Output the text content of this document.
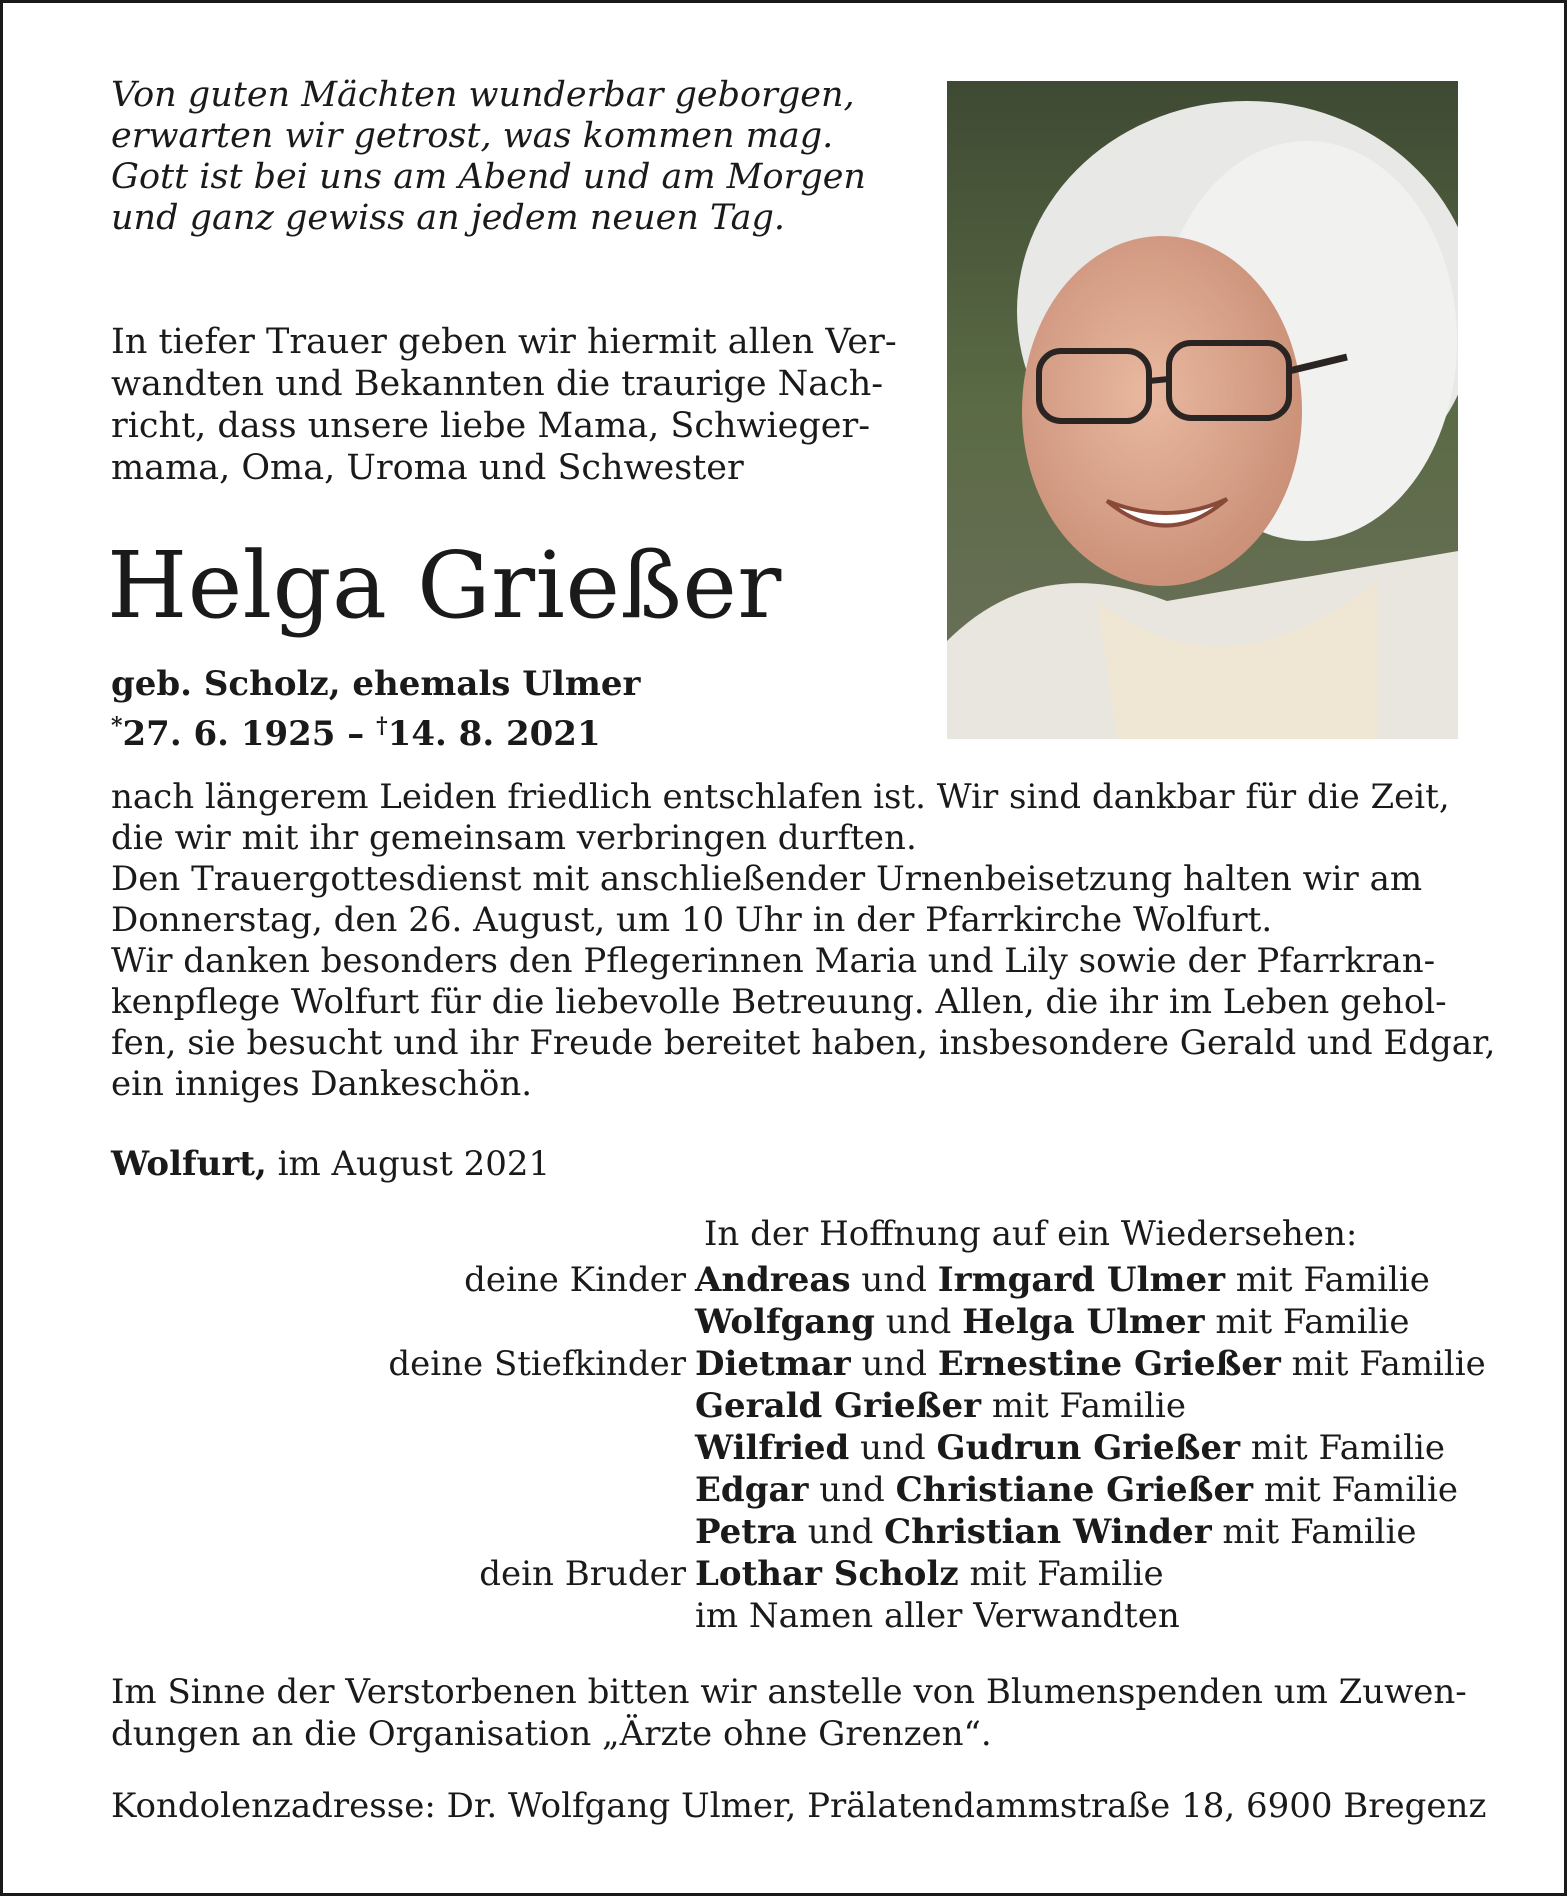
Von guten Mächten wunderbar geborgen,
erwarten wir getrost, was kommen mag.
Gott ist bei uns am Abend und am Morgen
und ganz gewiss an jedem neuen Tag.
In tiefer Trauer geben wir hiermit allen Ver-
wandten und Bekannten die traurige Nach-
richt, dass unsere liebe Mama, Schwieger-
mama, Oma, Uroma und Schwester
Helga Grießer
geb. Scholz, ehemals Ulmer
*27. 6. 1925 – †14. 8. 2021
nach längerem Leiden friedlich entschlafen ist. Wir sind dankbar für die Zeit,
die wir mit ihr gemeinsam verbringen durften.
Den Trauergottesdienst mit anschließender Urnenbeisetzung halten wir am
Donnerstag, den 26. August, um 10 Uhr in der Pfarrkirche Wolfurt.
Wir danken besonders den Pflegerinnen Maria und Lily sowie der Pfarrkran-
kenpflege Wolfurt für die liebevolle Betreuung. Allen, die ihr im Leben gehol-
fen, sie besucht und ihr Freude bereitet haben, insbesondere Gerald und Edgar,
ein inniges Dankeschön.
Wolfurt, im August 2021
In der Hoffnung auf ein Wiedersehen:
deine Kinder Andreas und Irmgard Ulmer mit Familie
Wolfgang und Helga Ulmer mit Familie
deine Stiefkinder Dietmar und Ernestine Grießer mit Familie
Gerald Grießer mit Familie
Wilfried und Gudrun Grießer mit Familie
Edgar und Christiane Grießer mit Familie
Petra und Christian Winder mit Familie
dein Bruder Lothar Scholz mit Familie
im Namen aller Verwandten
Im Sinne der Verstorbenen bitten wir anstelle von Blumenspenden um Zuwen-
dungen an die Organisation „Ärzte ohne Grenzen“.
Kondolenzadresse: Dr. Wolfgang Ulmer, Prälatendammstraße 18, 6900 Bregenz
